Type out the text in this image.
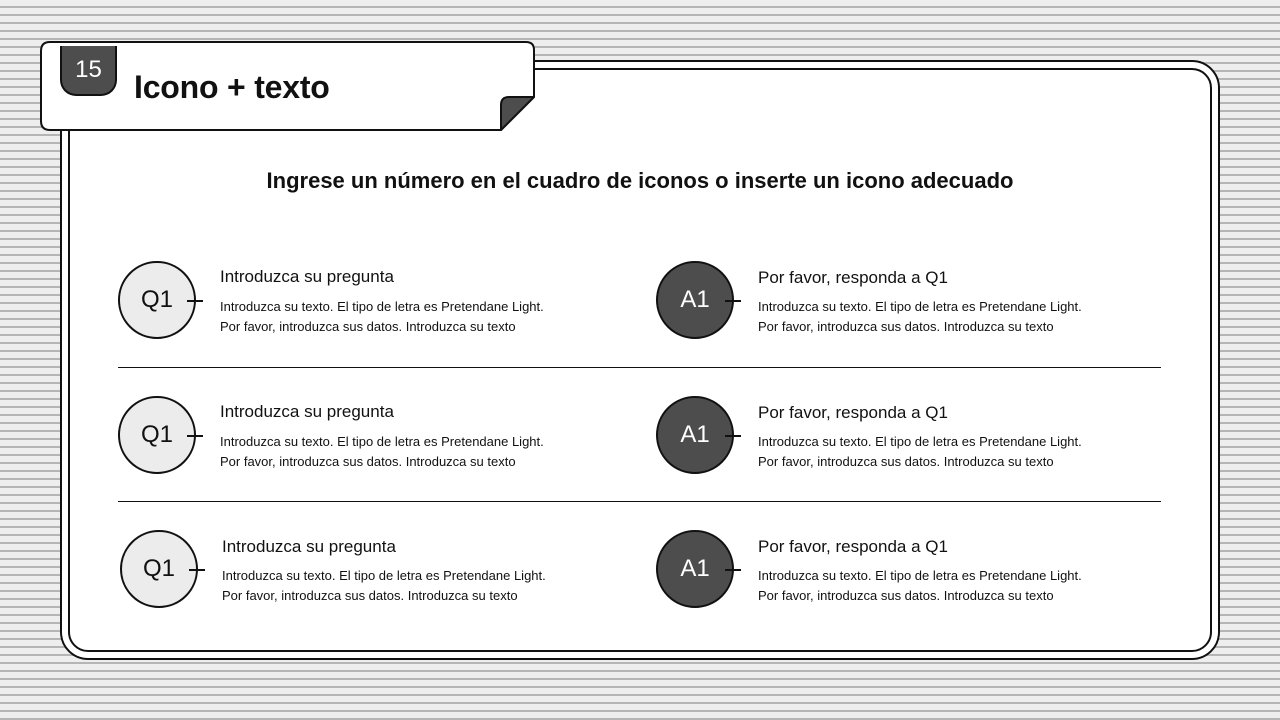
15	Icono + texto
Ingrese un número en el cuadro de iconos o inserte un icono adecuado
Q1
Introduzca su pregunta
Introduzca su texto. El tipo de letra es Pretendane Light.
Por favor, introduzca sus datos. Introduzca su texto
A1
Por favor, responda a Q1
Introduzca su texto. El tipo de letra es Pretendane Light.
Por favor, introduzca sus datos. Introduzca su texto
Q1
Introduzca su pregunta
Introduzca su texto. El tipo de letra es Pretendane Light.
Por favor, introduzca sus datos. Introduzca su texto
A1
Por favor, responda a Q1
Introduzca su texto. El tipo de letra es Pretendane Light.
Por favor, introduzca sus datos. Introduzca su texto
Q1
Introduzca su pregunta
Introduzca su texto. El tipo de letra es Pretendane Light.
Por favor, introduzca sus datos. Introduzca su texto
A1
Por favor, responda a Q1
Introduzca su texto. El tipo de letra es Pretendane Light.
Por favor, introduzca sus datos. Introduzca su texto
